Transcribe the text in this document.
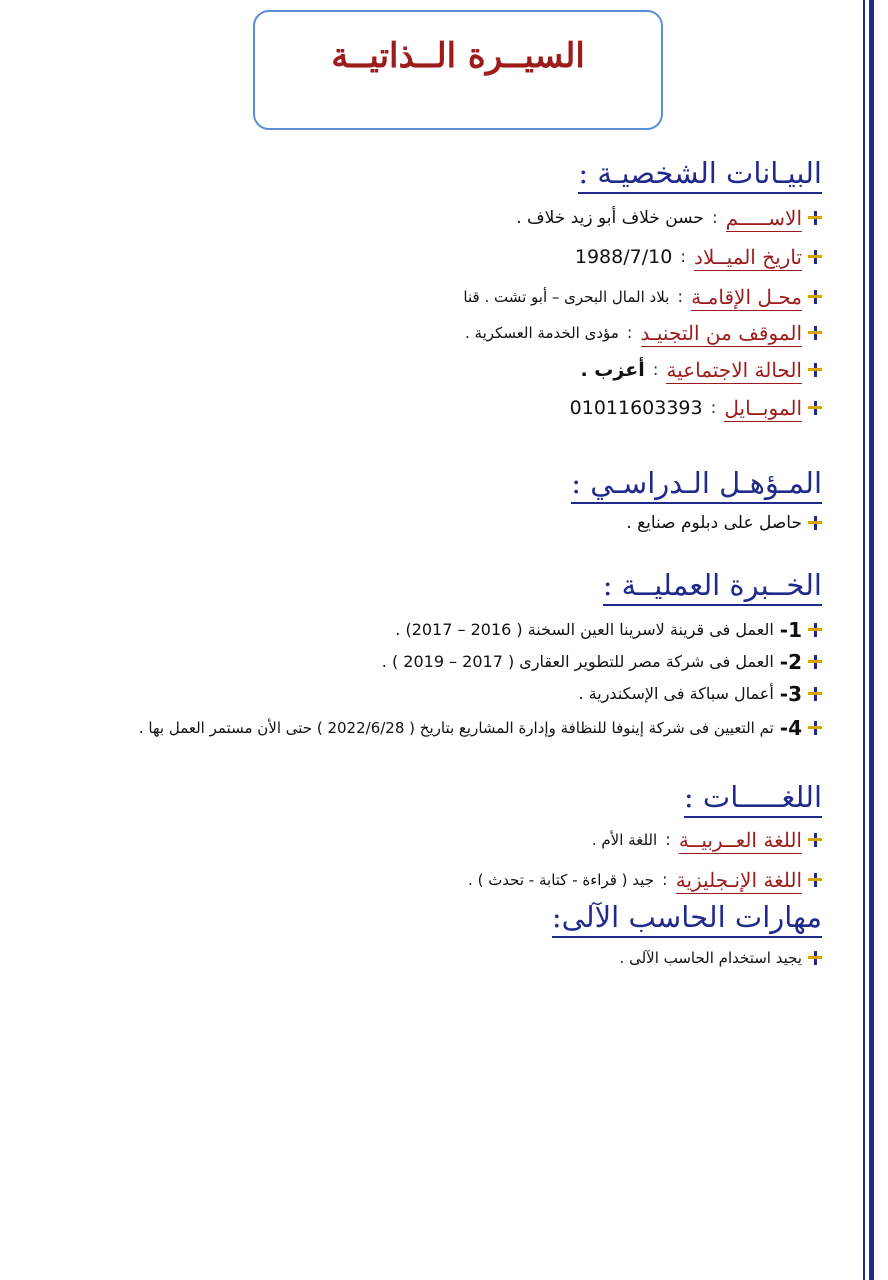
السيــرة الــذاتيــة
البيـانات الشخصيـة :
الاســـــم
:
حسن خلاف أبو زيد خلاف .
تاريخ الميــلاد
:
1988/7/10
محـل الإقامـة
:
بلاد المال البحرى – أبو تشت . قنا
الموقف من التجنيـد
:
مؤدى الخدمة العسكرية .
الحالة الاجتماعية
:
أعزب .
الموبــايل
:
01011603393
المـؤهـل الـدراسـي :
حاصل على دبلوم صنايع .
الخــبرة العمليــة :
1-
العمل فى قرينة لاسرينا العين السخنة ( 2016 – 2017) .
2-
العمل فى شركة مصر للتطوير العقارى ( 2017 – 2019 ) .
3-
أعمال سباكة فى الإسكندرية .
4-
تم التعيين فى شركة إينوفا للنظافة وإدارة المشاريع بتاريخ ( 2022/6/28 ) حتى الأن مستمر العمل بها .
اللغـــــات :
اللغة العــربيــة
:
اللغة الأم .
اللغة الإنـجليزية
:
جيد ( قراءة - كتابة - تحدث ) .
مهارات الحاسب الآلى:
يجيد استخدام الحاسب الآلى .
